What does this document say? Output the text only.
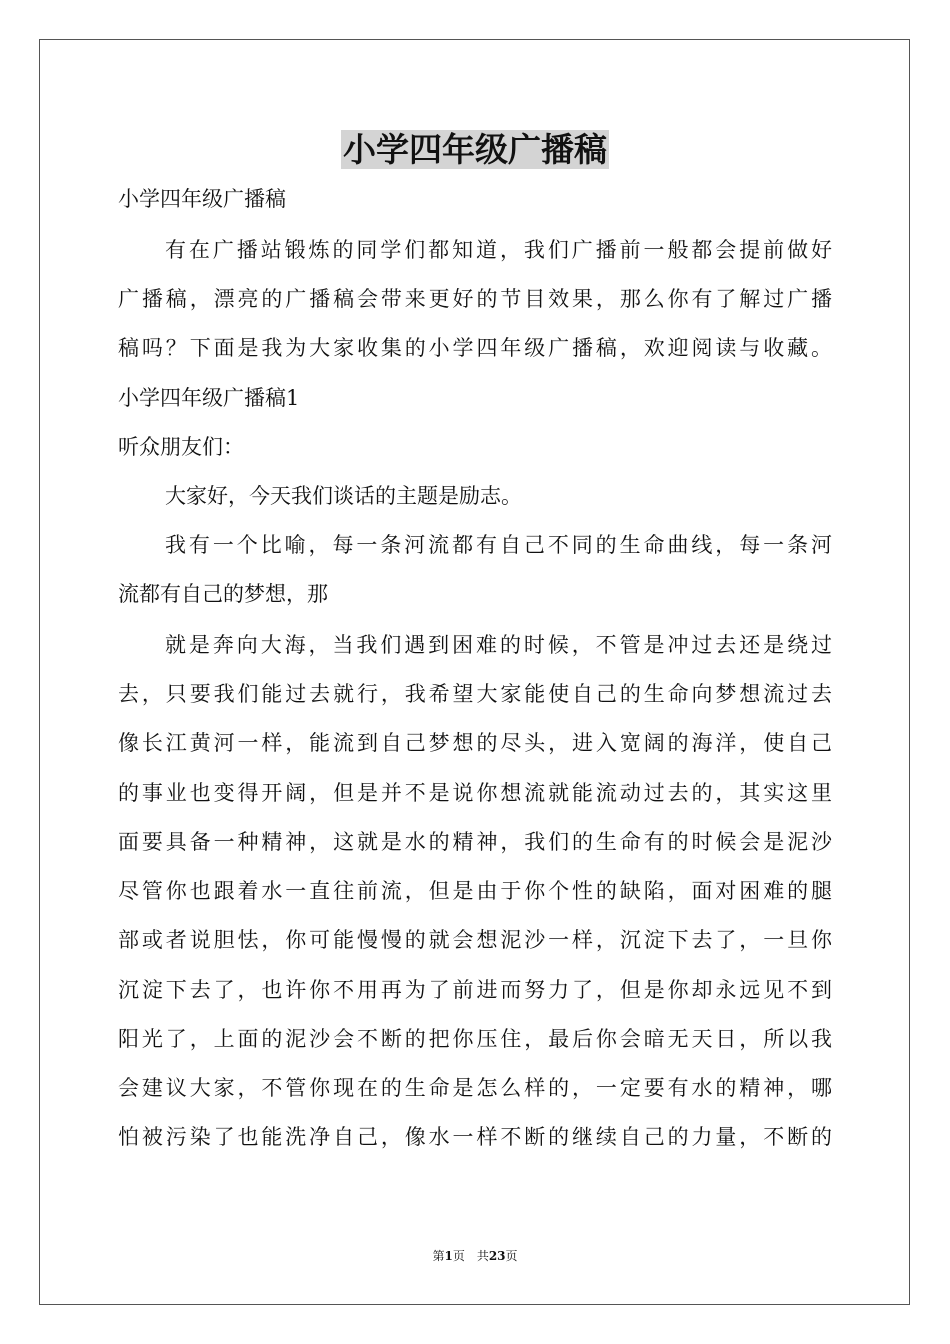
小学四年级广播稿

小学四年级广播稿

有在广播站锻炼的同学们都知道，我们广播前一般都会提前做好

广播稿，漂亮的广播稿会带来更好的节目效果，那么你有了解过广播

稿吗？下面是我为大家收集的小学四年级广播稿，欢迎阅读与收藏。

小学四年级广播稿1

听众朋友们：

大家好，今天我们谈话的主题是励志。

我有一个比喻，每一条河流都有自己不同的生命曲线，每一条河

流都有自己的梦想，那

就是奔向大海，当我们遇到困难的时候，不管是冲过去还是绕过

去，只要我们能过去就行，我希望大家能使自己的生命向梦想流过去

像长江黄河一样，能流到自己梦想的尽头，进入宽阔的海洋，使自己

的事业也变得开阔，但是并不是说你想流就能流动过去的，其实这里

面要具备一种精神，这就是水的精神，我们的生命有的时候会是泥沙

尽管你也跟着水一直往前流，但是由于你个性的缺陷，面对困难的腿

部或者说胆怯，你可能慢慢的就会想泥沙一样，沉淀下去了，一旦你

沉淀下去了，也许你不用再为了前进而努力了，但是你却永远见不到

阳光了，上面的泥沙会不断的把你压住，最后你会暗无天日，所以我

会建议大家，不管你现在的生命是怎么样的，一定要有水的精神，哪

怕被污染了也能洗净自己，像水一样不断的继续自己的力量，不断的

第1页　共23页
